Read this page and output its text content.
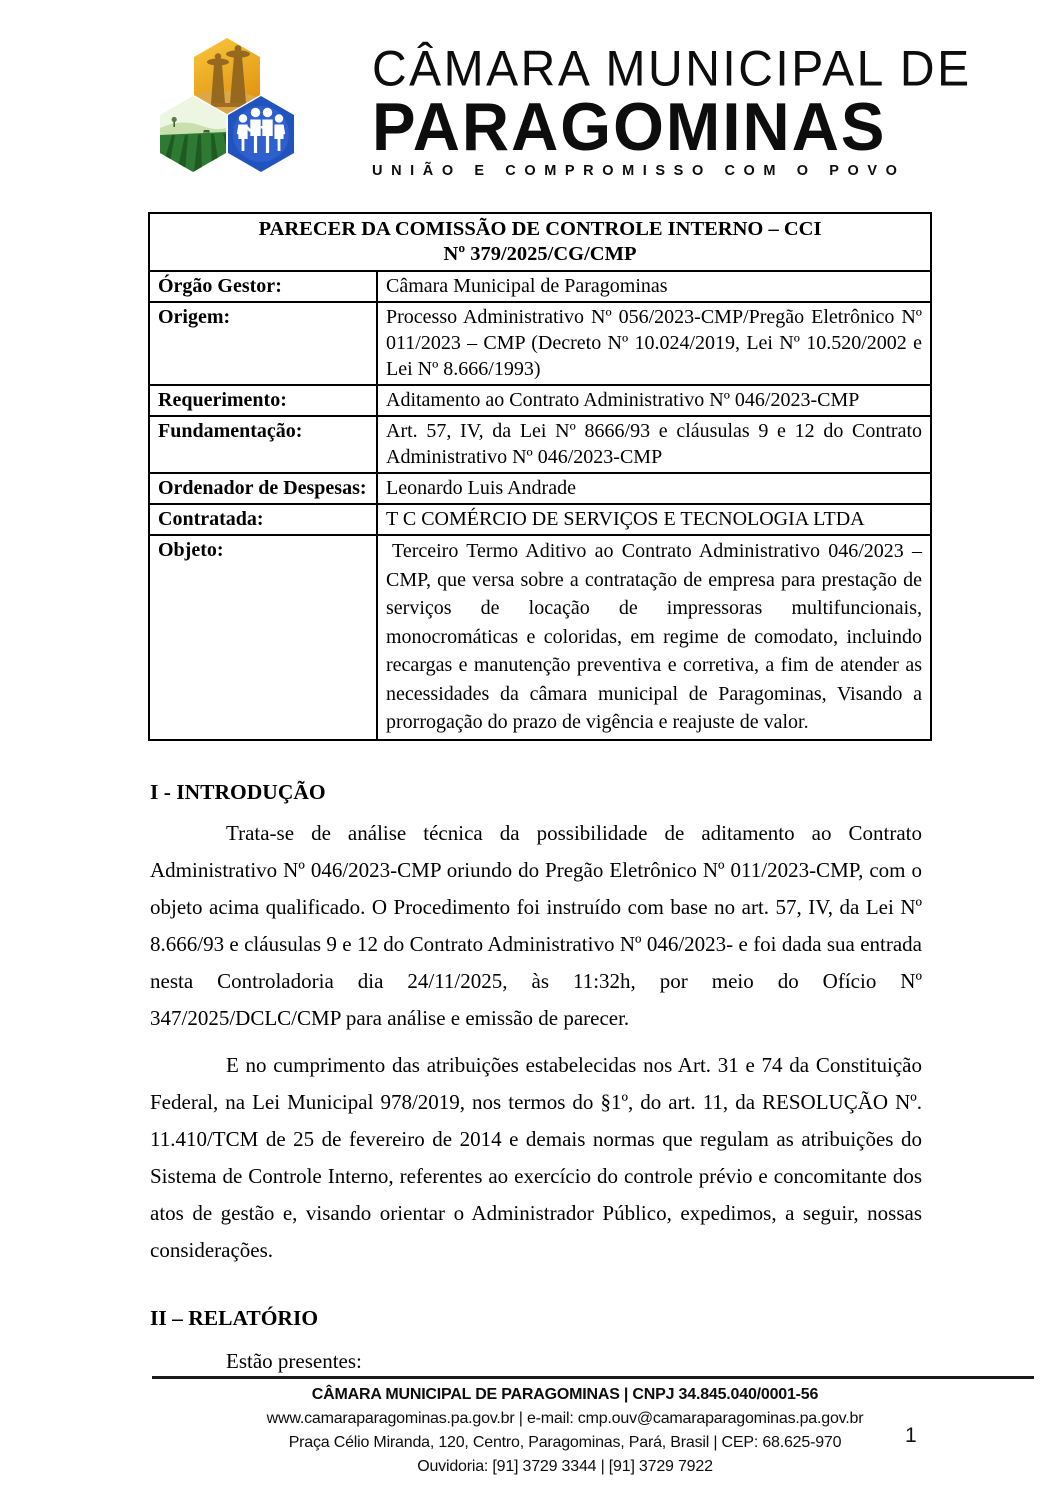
CÂMARA MUNICIPAL DE
PARAGOMINAS
UNIÃO E COMPROMISSO COM O POVO
PARECER DA COMISSÃO DE CONTROLE INTERNO – CCI
Nº 379/2025/CG/CMP	

Órgão Gestor:	Câmara Municipal de Paragominas
Origem:	Processo Administrativo Nº 056/2023-CMP/Pregão Eletrônico Nº 011/2023 – CMP (Decreto Nº 10.024/2019, Lei Nº 10.520/2002 e Lei Nº 8.666/1993)
Requerimento:	Aditamento ao Contrato Administrativo Nº 046/2023-CMP
Fundamentação:	Art. 57, IV, da Lei Nº 8666/93 e cláusulas 9 e 12 do Contrato Administrativo Nº 046/2023-CMP
Ordenador de Despesas:	Leonardo Luis Andrade
Contratada:	T C COMÉRCIO DE SERVIÇOS E TECNOLOGIA LTDA
Objeto:	Terceiro Termo Aditivo ao Contrato Administrativo 046/2023 – CMP, que versa sobre a contratação de empresa para prestação de serviços de locação de impressoras multifuncionais, monocromáticas e coloridas, em regime de comodato, incluindo recargas e manutenção preventiva e corretiva, a fim de atender as necessidades da câmara municipal de Paragominas, Visando a prorrogação do prazo de vigência e reajuste de valor.
I - INTRODUÇÃO

Trata-se de análise técnica da possibilidade de aditamento ao Contrato Administrativo Nº 046/2023-CMP oriundo do Pregão Eletrônico Nº 011/2023-CMP, com o objeto acima qualificado. O Procedimento foi instruído com base no art. 57, IV, da Lei Nº 8.666/93 e cláusulas 9 e 12 do Contrato Administrativo Nº 046/2023- e foi dada sua entrada nesta Controladoria dia 24/11/2025, às 11:32h, por meio do Ofício Nº 347/2025/DCLC/CMP para análise e emissão de parecer.

E no cumprimento das atribuições estabelecidas nos Art. 31 e 74 da Constituição Federal, na Lei Municipal 978/2019, nos termos do §1º, do art. 11, da RESOLUÇÃO Nº. 11.410/TCM de 25 de fevereiro de 2014 e demais normas que regulam as atribuições do Sistema de Controle Interno, referentes ao exercício do controle prévio e concomitante dos atos de gestão e, visando orientar o Administrador Público, expedimos, a seguir, nossas considerações.

II – RELATÓRIO

Estão presentes:

CÂMARA MUNICIPAL DE PARAGOMINAS | CNPJ 34.845.040/0001-56
www.camaraparagominas.pa.gov.br | e-mail: cmp.ouv@camaraparagominas.pa.gov.br
Praça Célio Miranda, 120, Centro, Paragominas, Pará, Brasil | CEP: 68.625-970
Ouvidoria: [91] 3729 3344 | [91] 3729 7922
1
